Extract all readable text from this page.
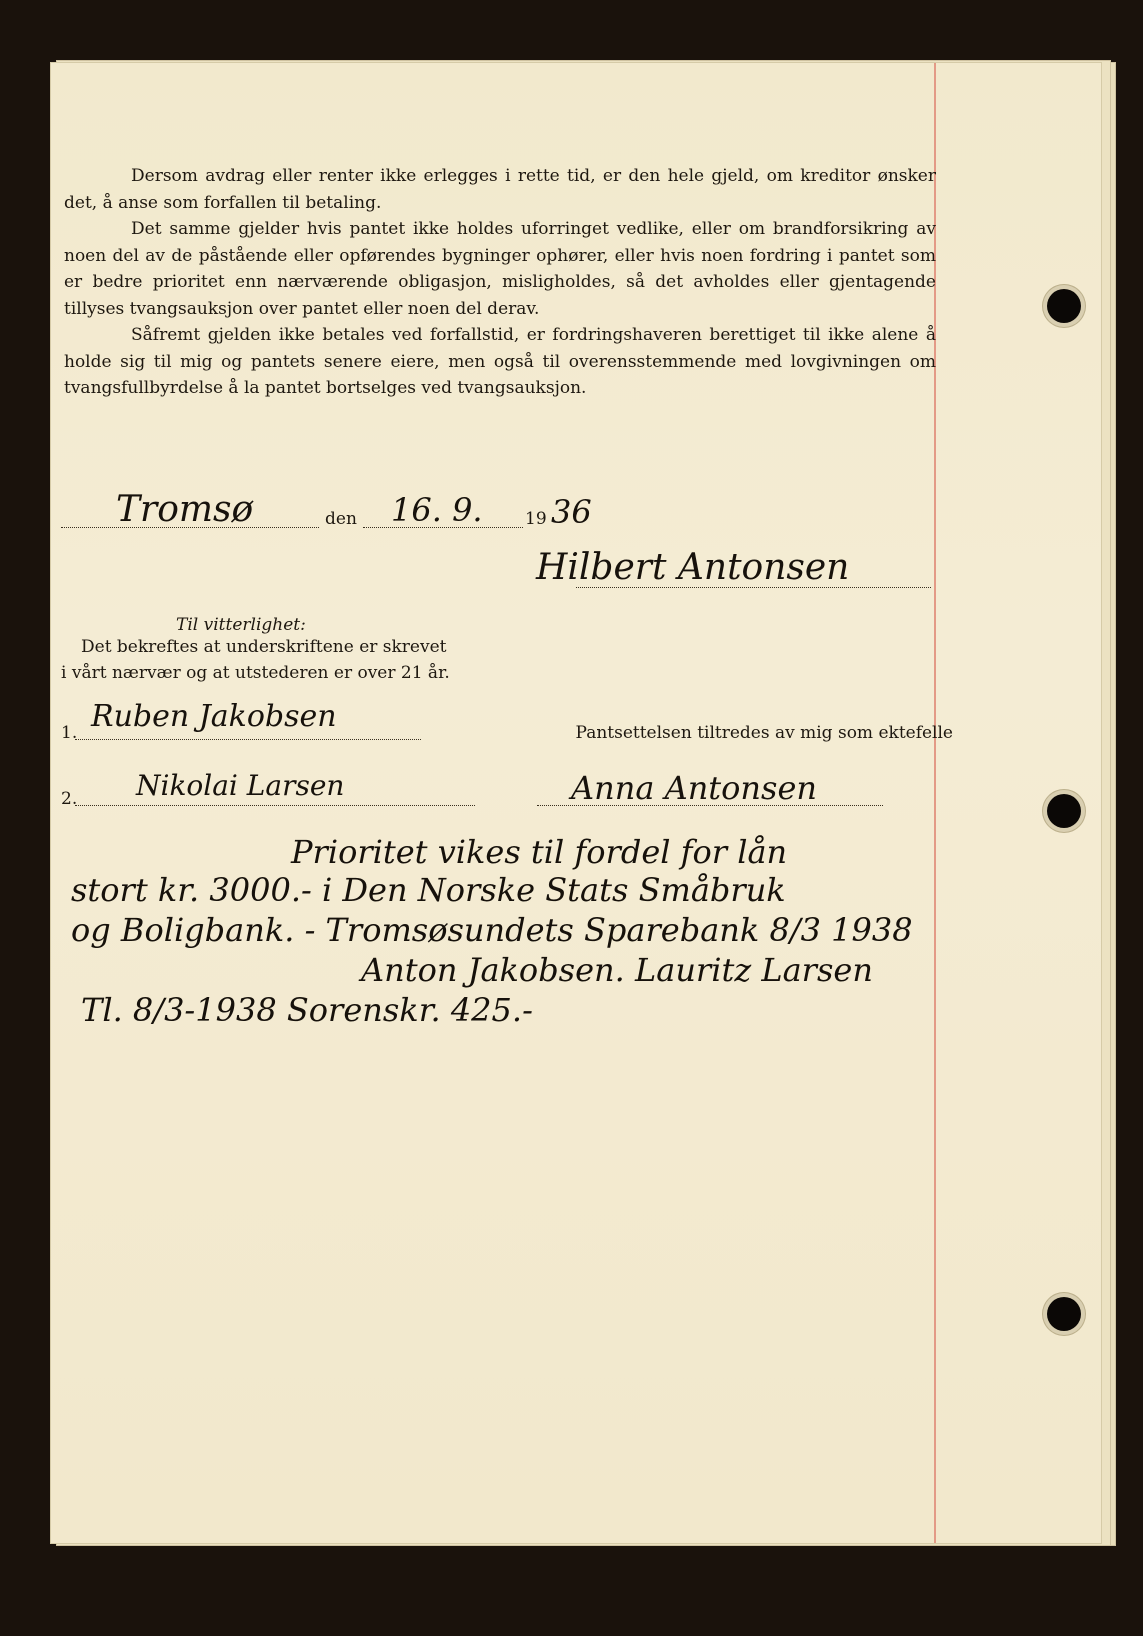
Dersom avdrag eller renter ikke erlegges i rette tid, er den hele gjeld, om kreditor ønsker det, å anse som forfallen til betaling.

Det samme gjelder hvis pantet ikke holdes uforringet vedlike, eller om brandforsikring av noen del av de påstående eller opførendes bygninger ophører, eller hvis noen fordring i pantet som er bedre prioritet enn nærværende obligasjon, misligholdes, så det avholdes eller gjentagende tillyses tvangsauksjon over pantet eller noen del derav.

Såfremt gjelden ikke betales ved forfallstid, er fordringshaveren berettiget til ikke alene å holde sig til mig og pantets senere eiere, men også til overensstemmende med lovgivningen om tvangsfullbyrdelse å la pantet bortselges ved tvangsauksjon.

Tromsø	den 16. 9. 19 36
Hilbert Antonsen
Til vitterlighet:
Det bekreftes at underskriftene er skrevet
i vårt nærvær og at utstederen er over 21 år.
1. Ruben Jakobsen	Pantsettelsen tiltredes av mig som ektefelle
2. Nikolai Larsen	Anna Antonsen
Prioritet vikes til fordel for lån
stort kr. 3000.- i Den Norske Stats Småbruk
og Boligbank. - Tromsøsundets Sparebank 8/3 1938
Anton Jakobsen. Lauritz Larsen
Tl. 8/3-1938 Sorenskr. 425.-
